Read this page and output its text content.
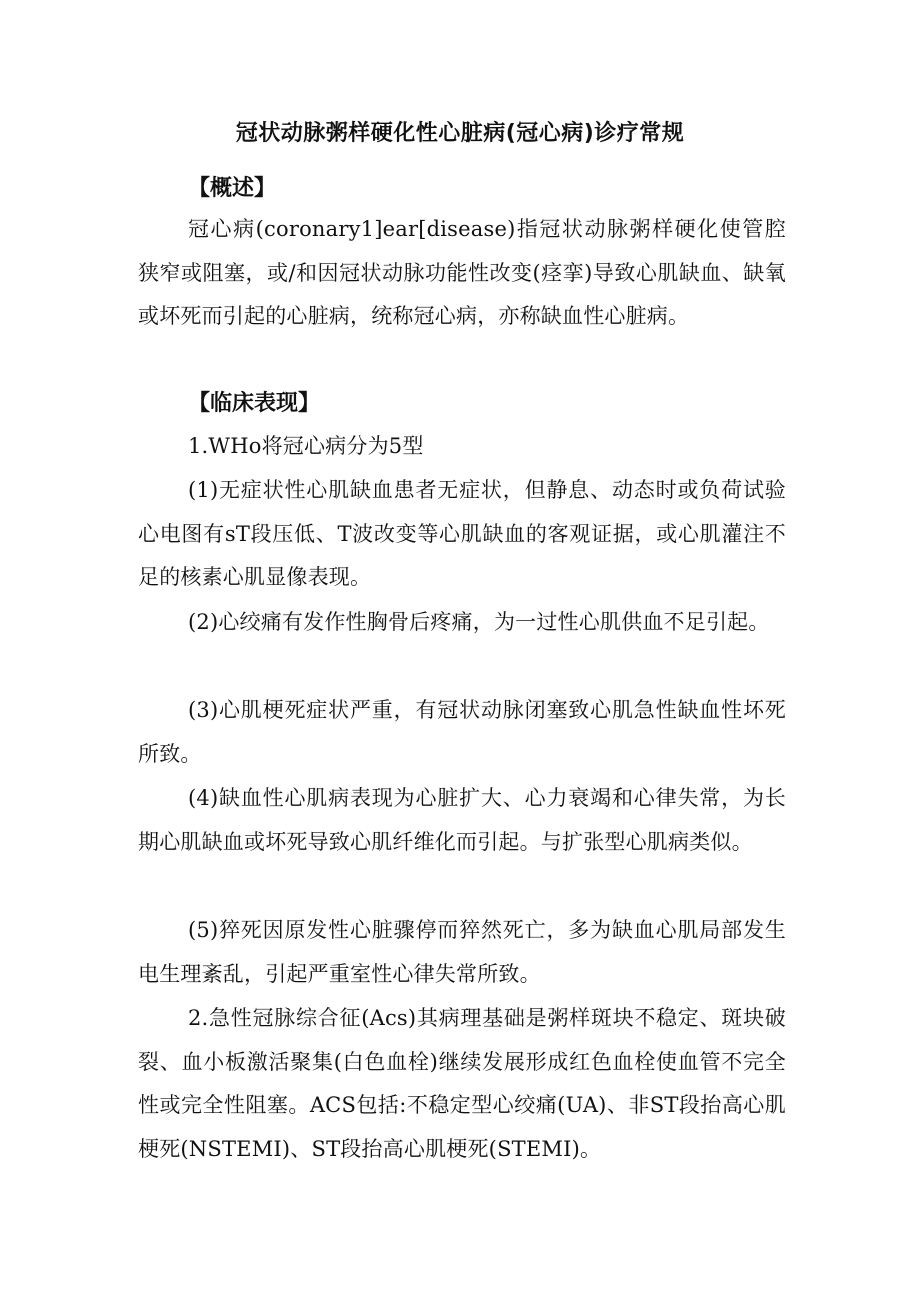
冠状动脉粥样硬化性心脏病(冠心病)诊疗常规
【概述】

冠心病(coronary1]ear[disease)指冠状动脉粥样硬化使管腔狭窄或阻塞，或/和因冠状动脉功能性改变(痉挛)导致心肌缺血、缺氧或坏死而引起的心脏病，统称冠心病，亦称缺血性心脏病。

【临床表现】

1.WHo将冠心病分为5型

(1)无症状性心肌缺血患者无症状，但静息、动态时或负荷试验心电图有sT段压低、T波改变等心肌缺血的客观证据，或心肌灌注不足的核素心肌显像表现。

(2)心绞痛有发作性胸骨后疼痛，为一过性心肌供血不足引起。

(3)心肌梗死症状严重，有冠状动脉闭塞致心肌急性缺血性坏死所致。

(4)缺血性心肌病表现为心脏扩大、心力衰竭和心律失常，为长期心肌缺血或坏死导致心肌纤维化而引起。与扩张型心肌病类似。

(5)猝死因原发性心脏骤停而猝然死亡，多为缺血心肌局部发生电生理紊乱，引起严重室性心律失常所致。

2.急性冠脉综合征(Acs)其病理基础是粥样斑块不稳定、斑块破裂、血小板激活聚集(白色血栓)继续发展形成红色血栓使血管不完全性或完全性阻塞。ACS包括:不稳定型心绞痛(UA)、非ST段抬高心肌梗死(NSTEMI)、ST段抬高心肌梗死(STEMI)。
